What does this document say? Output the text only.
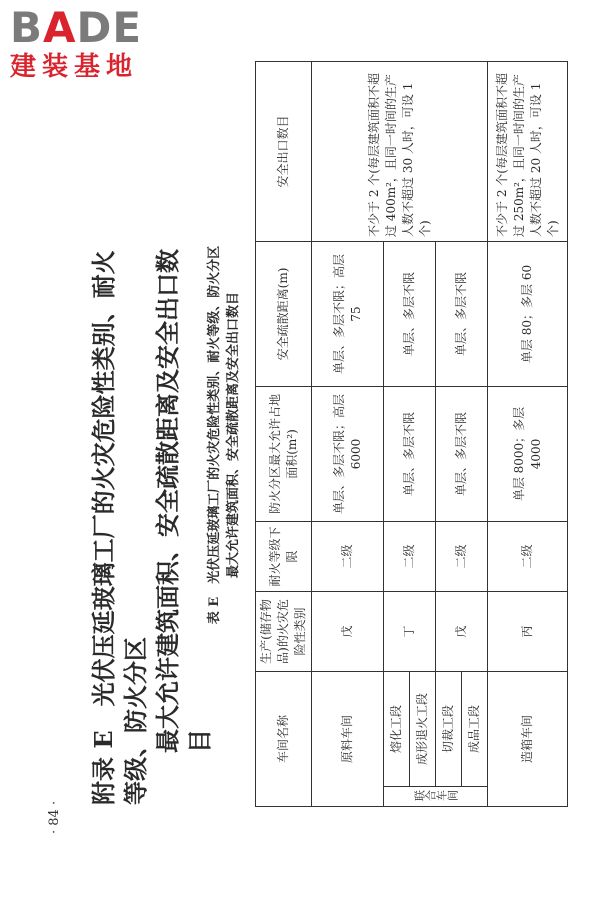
BADE
建装基地
· 84 ·
附录 E　光伏压延玻璃工厂的火灾危险性类别、耐火等级、防火分区 最大允许建筑面积、安全疏散距离及安全出口数目
表 E　光伏压延玻璃工厂的火灾危险性类别、耐火等级、防火分区 最大允许建筑面积、安全疏散距离及安全出口数目
车间名称		生产(储存物品)的火灾危险性类别	耐火等级下限	防火分区最大允许占地面积(m²)	安全疏散距离(m)	安全出口数目
原料车间		戊	二级	单层、多层不限；高层 6000	单层、多层不限；高层 75	不少于 2 个(每层建筑面积不超过 400m²，且同一时间的生产人数不超过 30 人时，可设 1 个)
联合车间	熔化工段	丁	二级	单层、多层不限	单层、多层不限	
	成形退火工段					
	切裁工段	戊	二级	单层、多层不限	单层、多层不限	
	成品工段					
造箱车间		丙	二级	单层 8000；多层 4000	单层 80；多层 60	不少于 2 个(每层建筑面积不超过 250m²，且同一时间的生产人数不超过 20 人时，可设 1 个)
